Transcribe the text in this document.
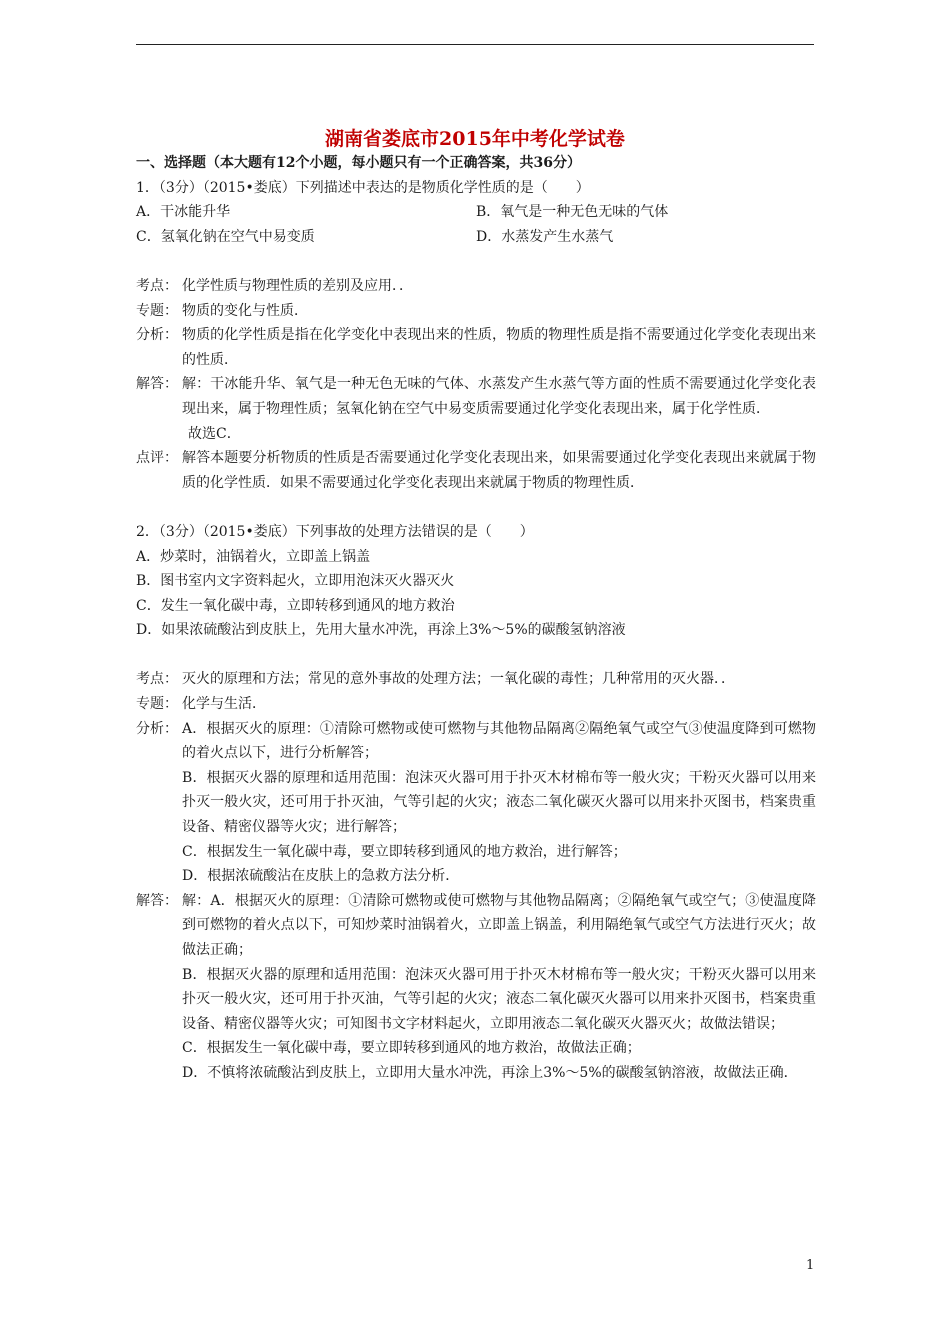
湖南省娄底市2015年中考化学试卷
一、选择题（本大题有12个小题，每小题只有一个正确答案，共36分）
1．（3分）（2015•娄底）下列描述中表达的是物质化学性质的是（　　）
A．干冰能升华	B．氧气是一种无色无味的气体
C．氢氧化钠在空气中易变质	D．水蒸发产生水蒸气
考点： 化学性质与物理性质的差别及应用．．
专题： 物质的变化与性质．
分析： 物质的化学性质是指在化学变化中表现出来的性质，物质的物理性质是指不需要通过化学变化表现出来的性质．
解答： 解：干冰能升华、氧气是一种无色无味的气体、水蒸发产生水蒸气等方面的性质不需要通过化学变化表现出来，属于物理性质；氢氧化钠在空气中易变质需要通过化学变化表现出来，属于化学性质．

故选C．

点评： 解答本题要分析物质的性质是否需要通过化学变化表现出来，如果需要通过化学变化表现出来就属于物质的化学性质．如果不需要通过化学变化表现出来就属于物质的物理性质．
2．（3分）（2015•娄底）下列事故的处理方法错误的是（　　）
A．炒菜时，油锅着火，立即盖上锅盖
B．图书室内文字资料起火，立即用泡沫灭火器灭火
C．发生一氧化碳中毒，立即转移到通风的地方救治
D．如果浓硫酸沾到皮肤上，先用大量水冲洗，再涂上3%～5%的碳酸氢钠溶液
考点： 灭火的原理和方法；常见的意外事故的处理方法；一氧化碳的毒性；几种常用的灭火器．．
专题： 化学与生活．
分析： A．根据灭火的原理：①清除可燃物或使可燃物与其他物品隔离②隔绝氧气或空气③使温度降到可燃物的着火点以下，进行分析解答；

B．根据灭火器的原理和适用范围：泡沫灭火器可用于扑灭木材棉布等一般火灾；干粉灭火器可以用来扑灭一般火灾，还可用于扑灭油，气等引起的火灾；液态二氧化碳灭火器可以用来扑灭图书，档案贵重设备、精密仪器等火灾；进行解答；

C．根据发生一氧化碳中毒，要立即转移到通风的地方救治，进行解答；

D．根据浓硫酸沾在皮肤上的急救方法分析．

解答： 解：A．根据灭火的原理：①清除可燃物或使可燃物与其他物品隔离；②隔绝氧气或空气；③使温度降到可燃物的着火点以下，可知炒菜时油锅着火，立即盖上锅盖，利用隔绝氧气或空气方法进行灭火；故做法正确；

B．根据灭火器的原理和适用范围：泡沫灭火器可用于扑灭木材棉布等一般火灾；干粉灭火器可以用来扑灭一般火灾，还可用于扑灭油，气等引起的火灾；液态二氧化碳灭火器可以用来扑灭图书，档案贵重设备、精密仪器等火灾；可知图书文字材料起火，立即用液态二氧化碳灭火器灭火；故做法错误；

C．根据发生一氧化碳中毒，要立即转移到通风的地方救治，故做法正确；

D．不慎将浓硫酸沾到皮肤上，立即用大量水冲洗，再涂上3%～5%的碳酸氢钠溶液，故做法正确．

1
